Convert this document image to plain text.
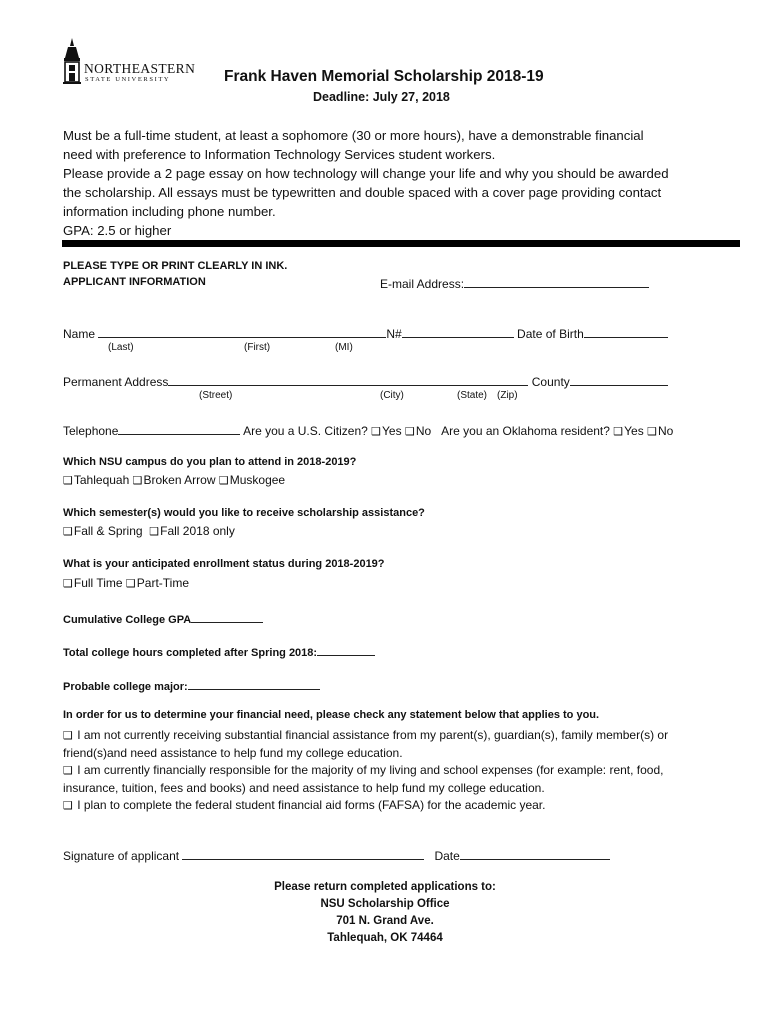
NORTHEASTERN
STATE UNIVERSITY	Frank Haven Memorial Scholarship 2018-19
Deadline: July 27, 2018
Must be a full-time student, at least a sophomore (30 or more hours), have a demonstrable financial
need with preference to Information Technology Services student workers.
Please provide a 2 page essay on how technology will change your life and why you should be awarded
the scholarship. All essays must be typewritten and double spaced with a cover page providing contact
information including phone number.
GPA: 2.5 or higher
PLEASE TYPE OR PRINT CLEARLY IN INK.
APPLICANT INFORMATION	E-mail Address:
Name	N#	Date of Birth
(Last)	(First)	(MI)
Permanent Address	County
(Street)	(City)	(State) (Zip)
Telephone	Are you a U.S. Citizen? ❑Yes ❑No Are you an Oklahoma resident? ❑Yes ❑No
Which NSU campus do you plan to attend in 2018-2019?
❑Tahlequah ❑Broken Arrow ❑Muskogee
Which semester(s) would you like to receive scholarship assistance?
❑Fall & Spring ❑Fall 2018 only
What is your anticipated enrollment status during 2018-2019?
❑Full Time ❑Part-Time
Cumulative College GPA
Total college hours completed after Spring 2018:
Probable college major:
In order for us to determine your financial need, please check any statement below that applies to you.
❑ I am not currently receiving substantial financial assistance from my parent(s), guardian(s), family member(s) or
friend(s)and need assistance to help fund my college education.
❑ I am currently financially responsible for the majority of my living and school expenses (for example: rent, food,
insurance, tuition, fees and books) and need assistance to help fund my college education.
❑ I plan to complete the federal student financial aid forms (FAFSA) for the academic year.
Signature of applicant	Date
Please return completed applications to:
NSU Scholarship Office
701 N. Grand Ave.
Tahlequah, OK 74464
